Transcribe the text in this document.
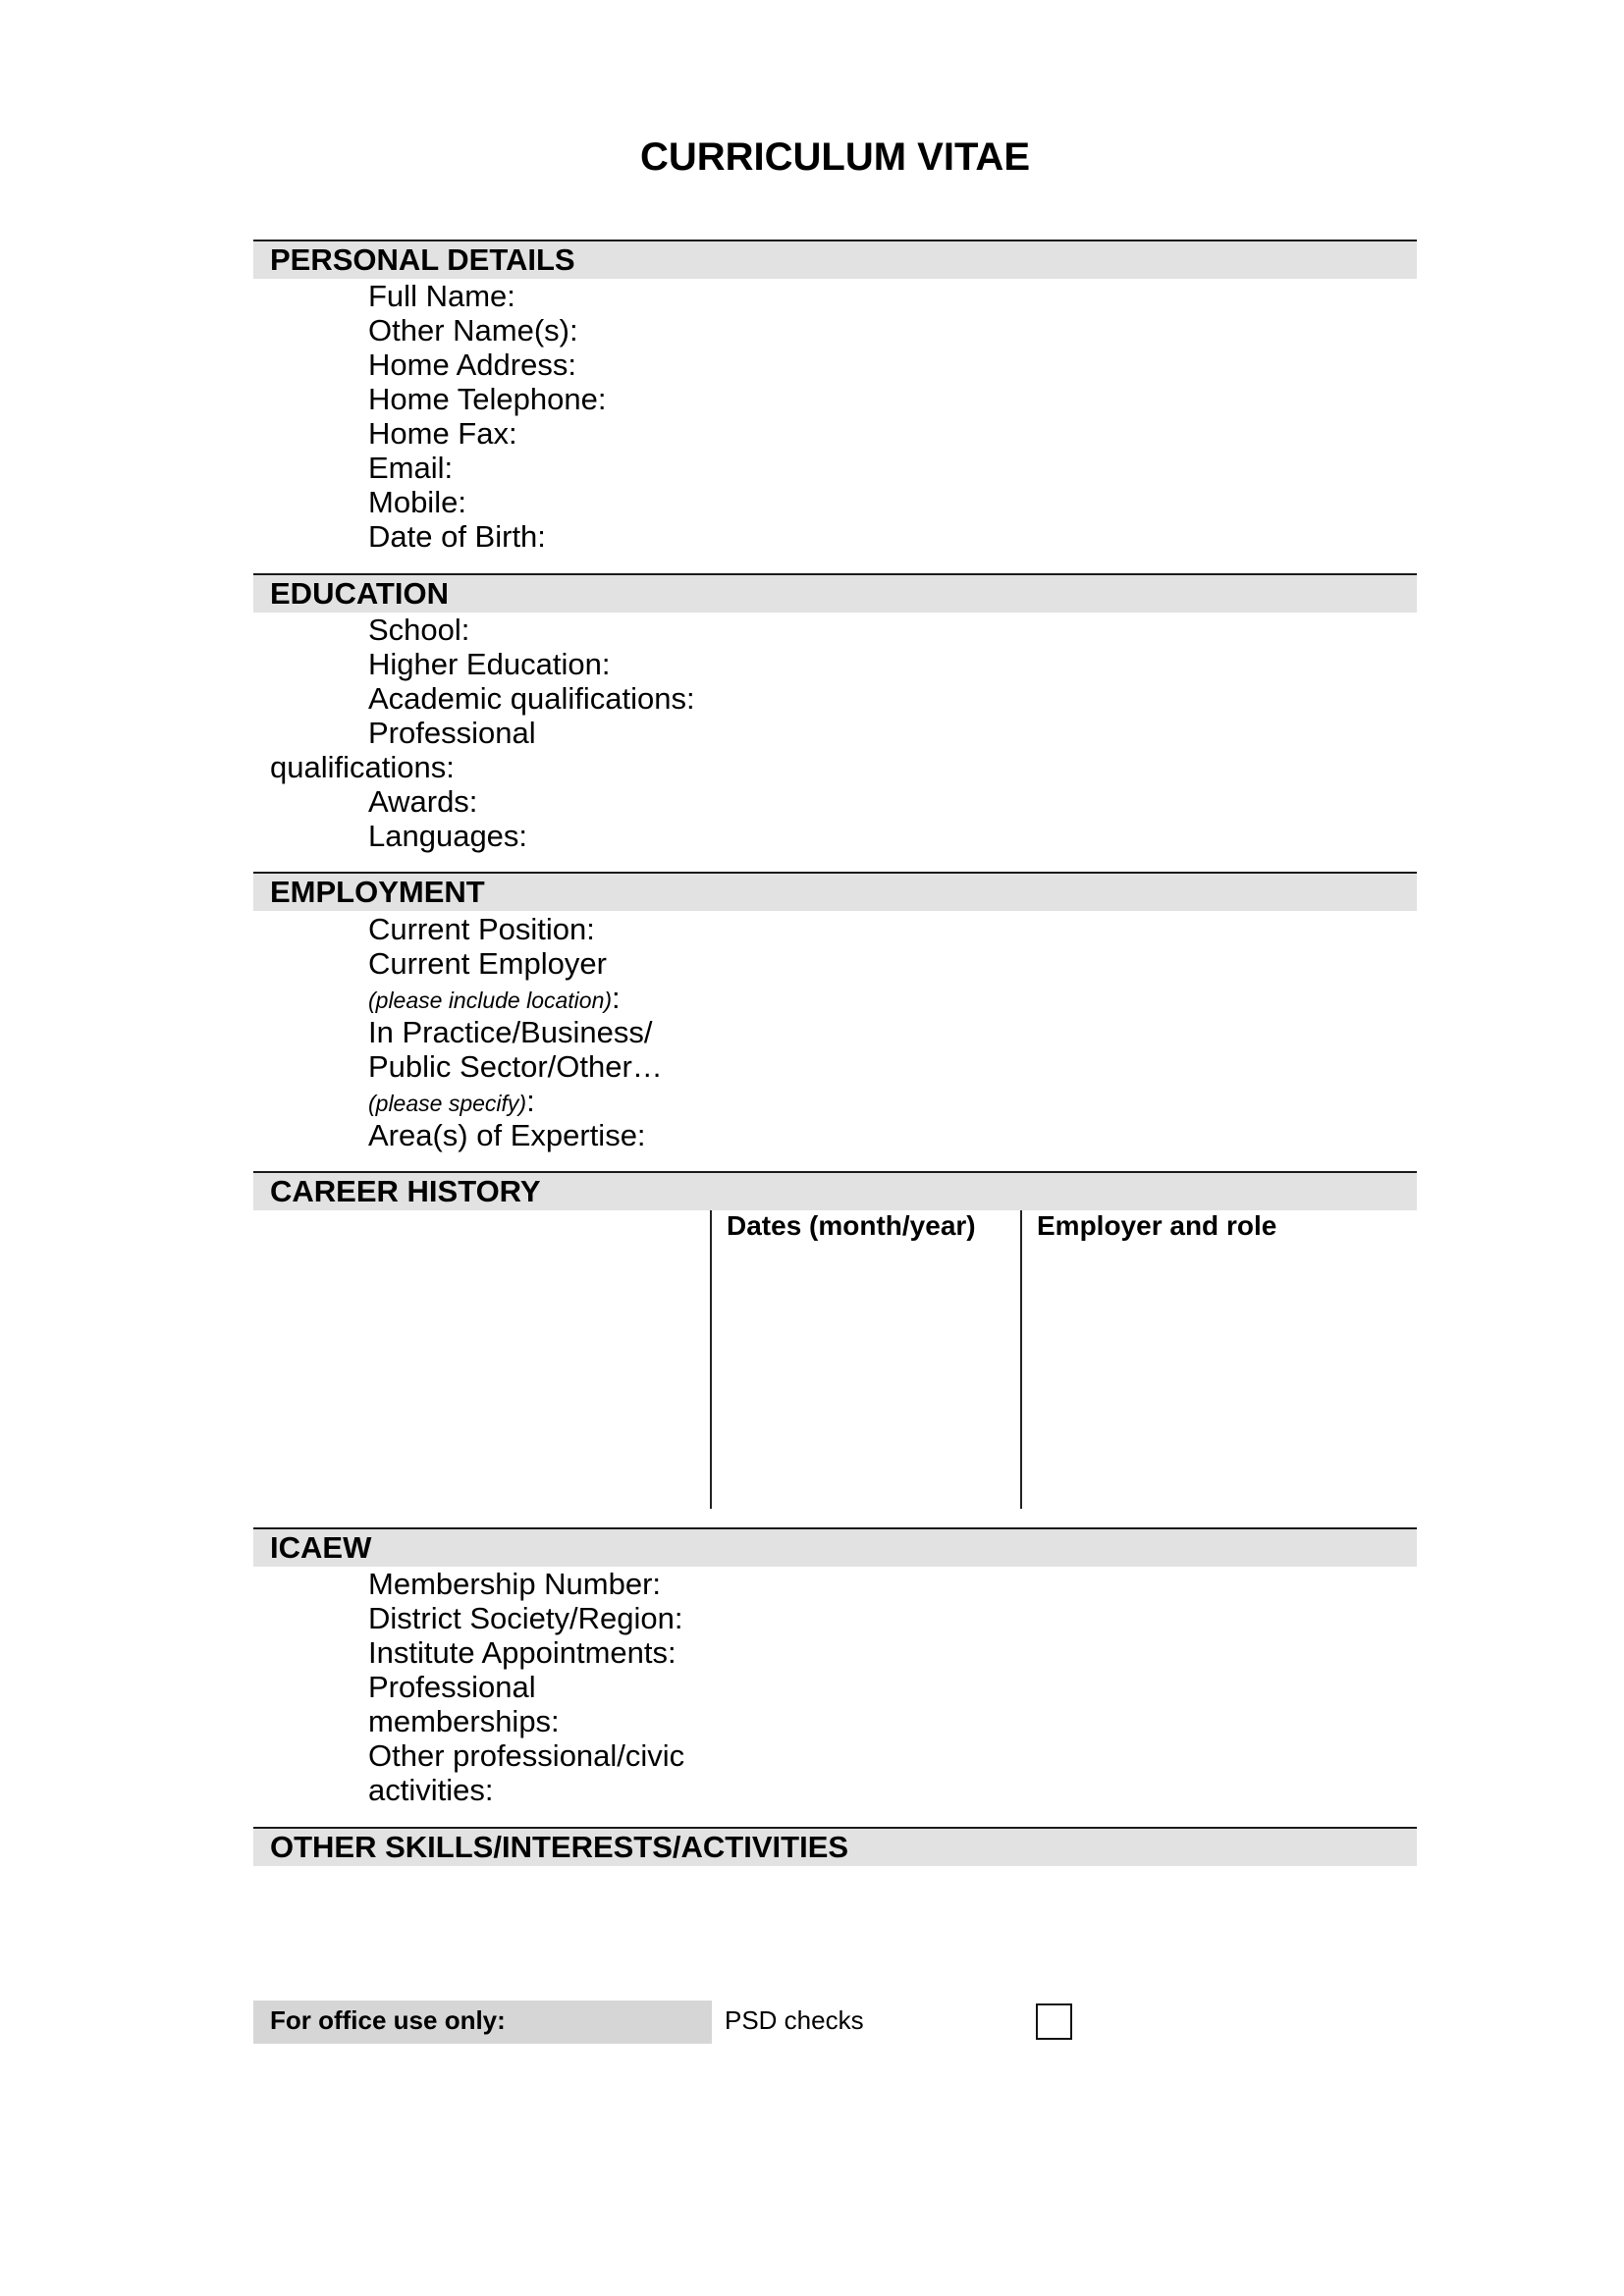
CURRICULUM VITAE
PERSONAL DETAILS
Full Name:
Other Name(s):
Home Address:
Home Telephone:
Home Fax:
Email:
Mobile:
Date of Birth:
EDUCATION
School:
Higher Education:
Academic qualifications:
Professional
qualifications:
Awards:
Languages:
EMPLOYMENT
Current Position:
Current Employer
(please include location):
In Practice/Business/
Public Sector/Other…
(please specify):
Area(s) of Expertise:
CAREER HISTORY
Dates (month/year) Employer and role
ICAEW
Membership Number:
District Society/Region:
Institute Appointments:
Professional
memberships:
Other professional/civic
activities:
OTHER SKILLS/INTERESTS/ACTIVITIES
For office use only:	PSD checks
